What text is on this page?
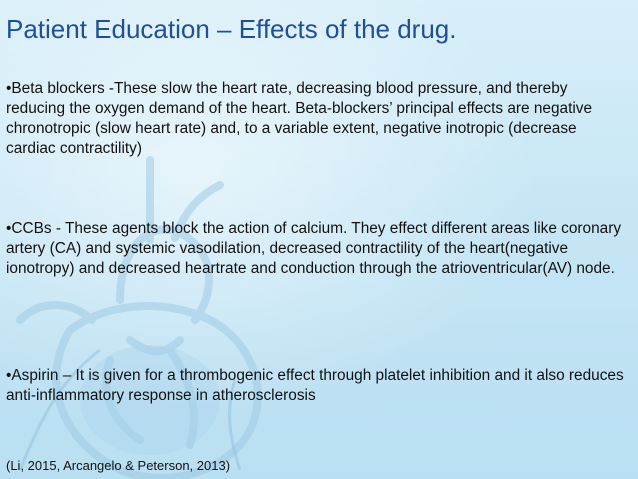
Patient Education – Effects of the drug.
•Beta blockers -These slow the heart rate, decreasing blood pressure, and thereby reducing the oxygen demand of the heart. Beta-blockers’ principal effects are negative chronotropic (slow heart rate) and, to a variable extent, negative inotropic (decrease cardiac contractility)
•CCBs - These agents block the action of calcium. They effect different areas like coronary artery (CA) and systemic vasodilation, decreased contractility of the heart(negative ionotropy) and decreased heartrate and conduction through the atrioventricular(AV) node.
•Aspirin – It is given for a thrombogenic effect through platelet inhibition and it also reduces anti-inflammatory response in atherosclerosis
(Li, 2015, Arcangelo & Peterson, 2013)
